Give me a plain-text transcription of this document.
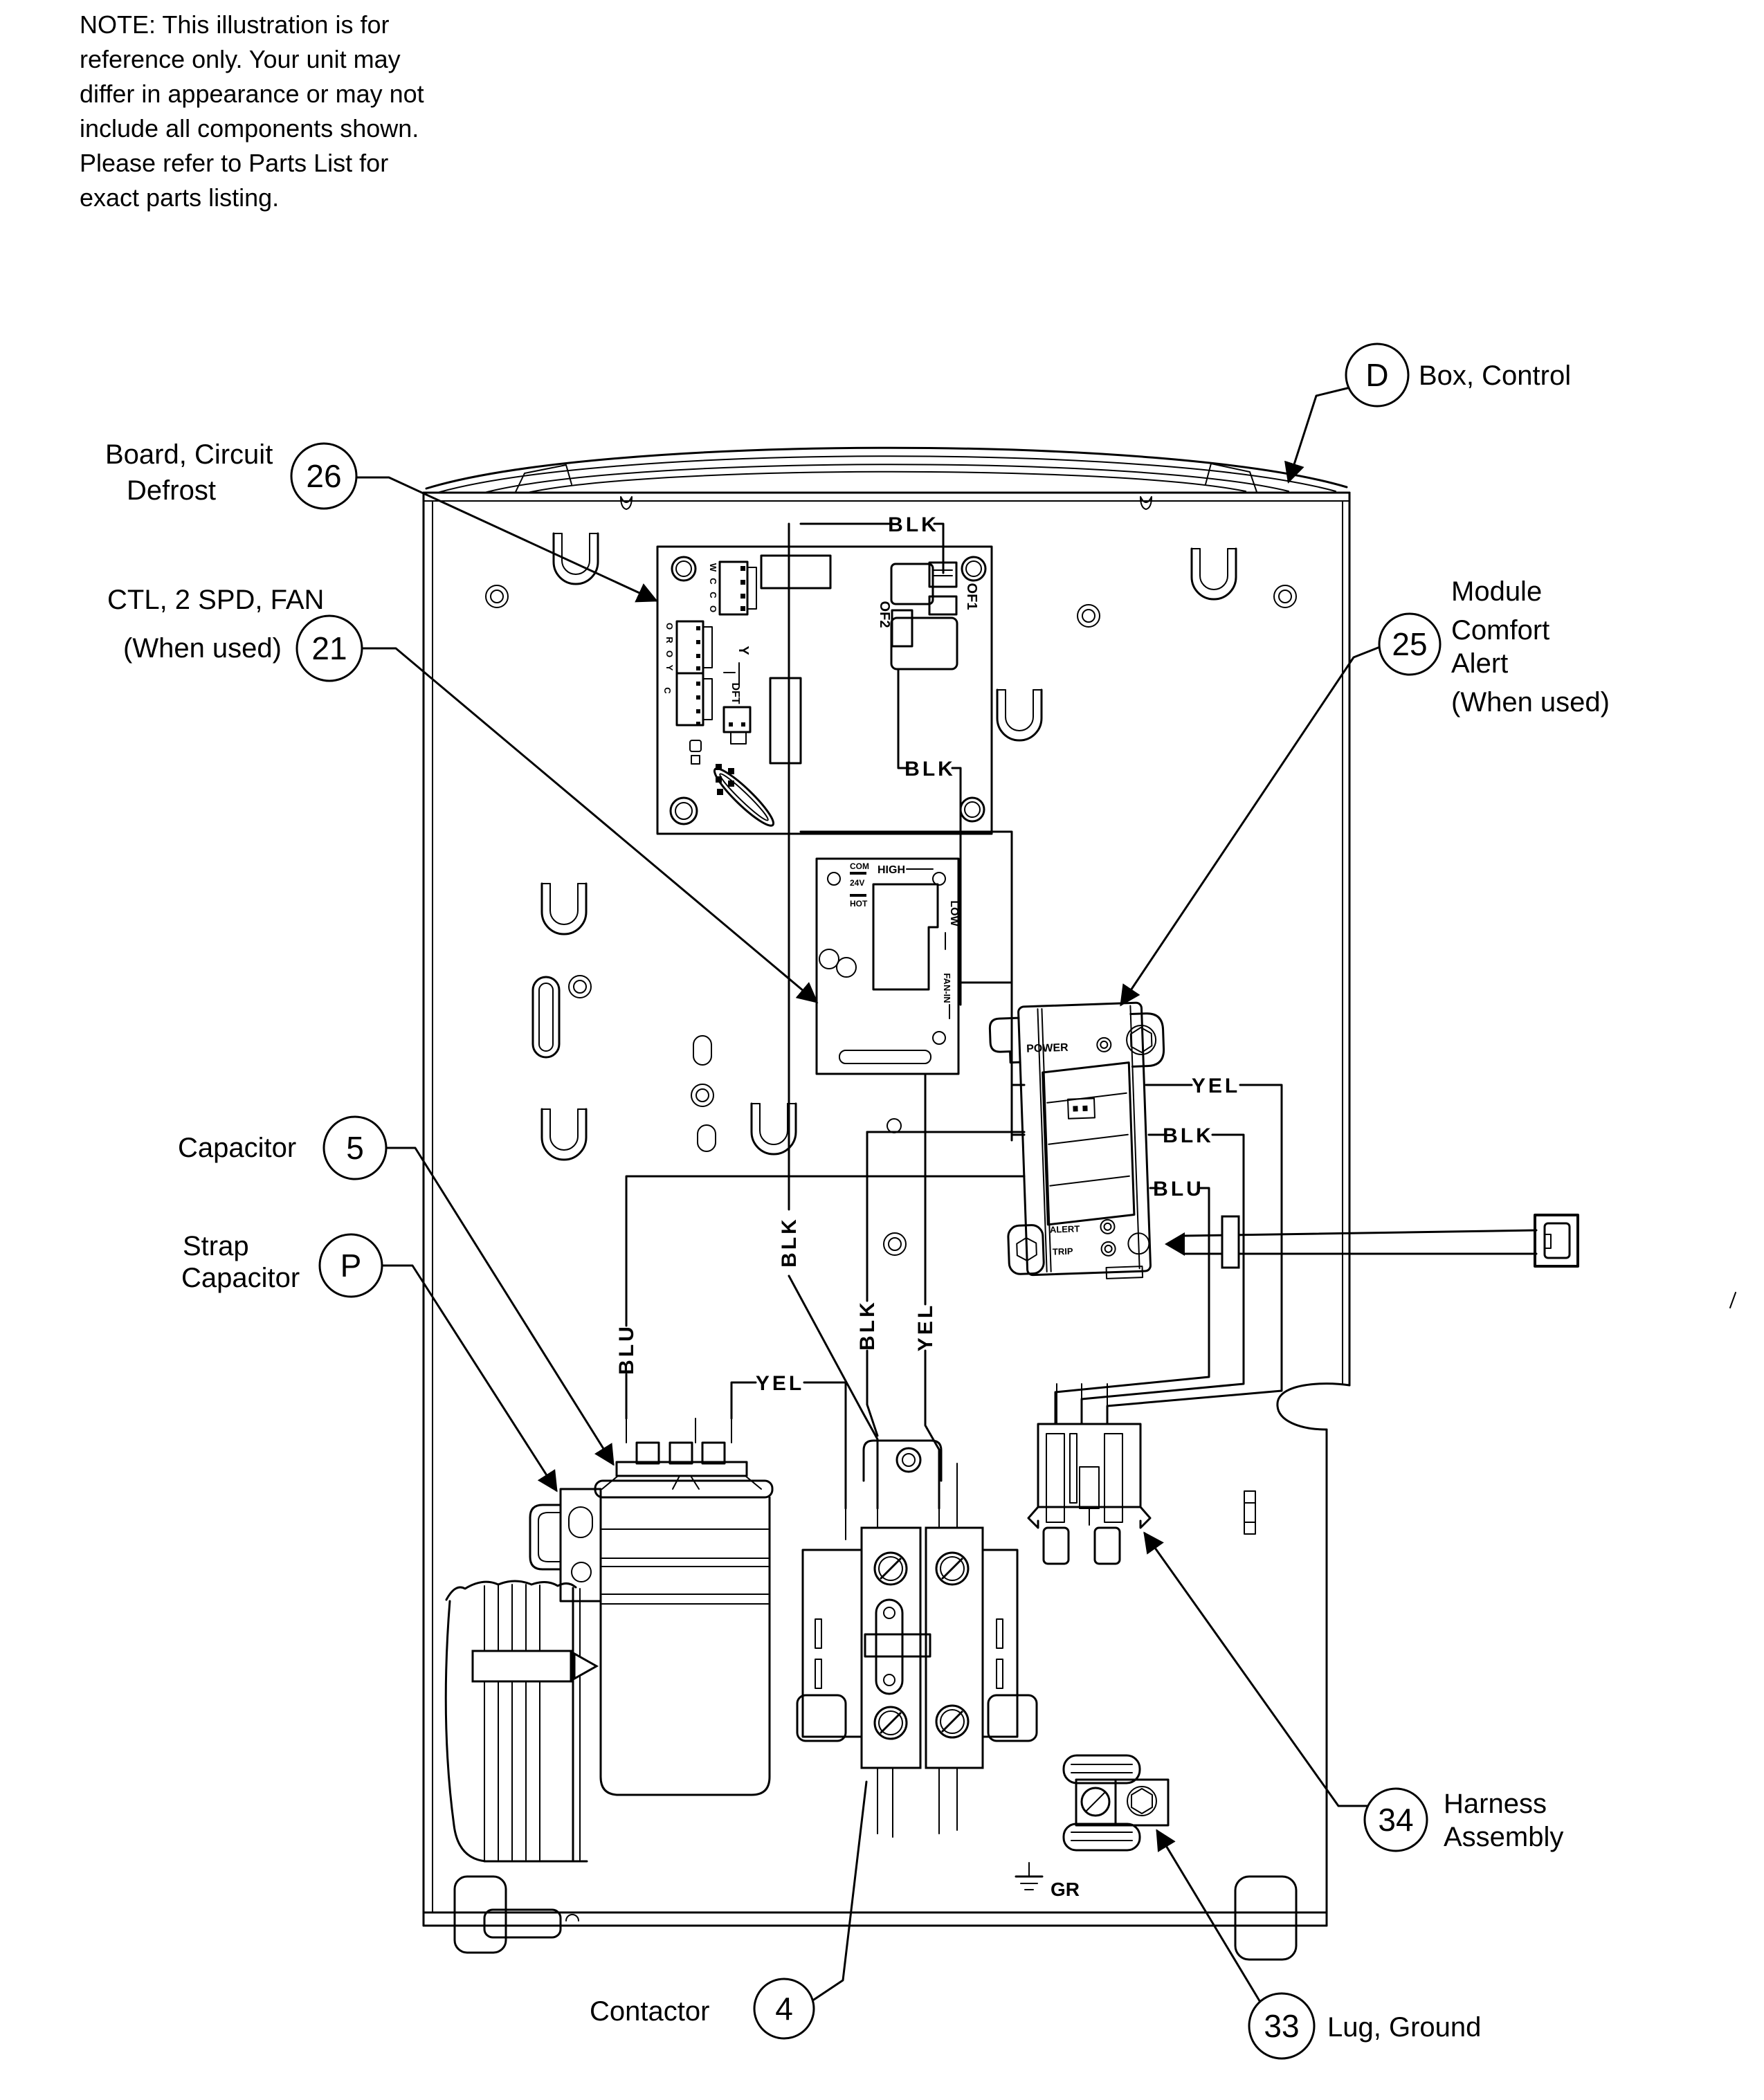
NOTE: This illustration is for
reference only. Your unit may
differ in appearance or may not
include all components shown.
Please refer to Parts List for
exact parts listing.
W
C
C
O
O
R
O
Y
C
Y
DFT
OF1
OF2
COM
24V
HOT
HIGH
LOW
FAN-IN
POWER
ALERT
TRIP
BLK
BLK
BLK
BLU
YEL
BLK YEL
YEL
BLK
BLU
GR
D Box, Control
26
Board, Circuit
Defrost
21
CTL, 2 SPD, FAN
(When used)	25
Module
Comfort
Alert
(When used)
5
Capacitor
P
Strap
Capacitor
4
Contactor	33 Lug, Ground
34 Harness
Assembly
